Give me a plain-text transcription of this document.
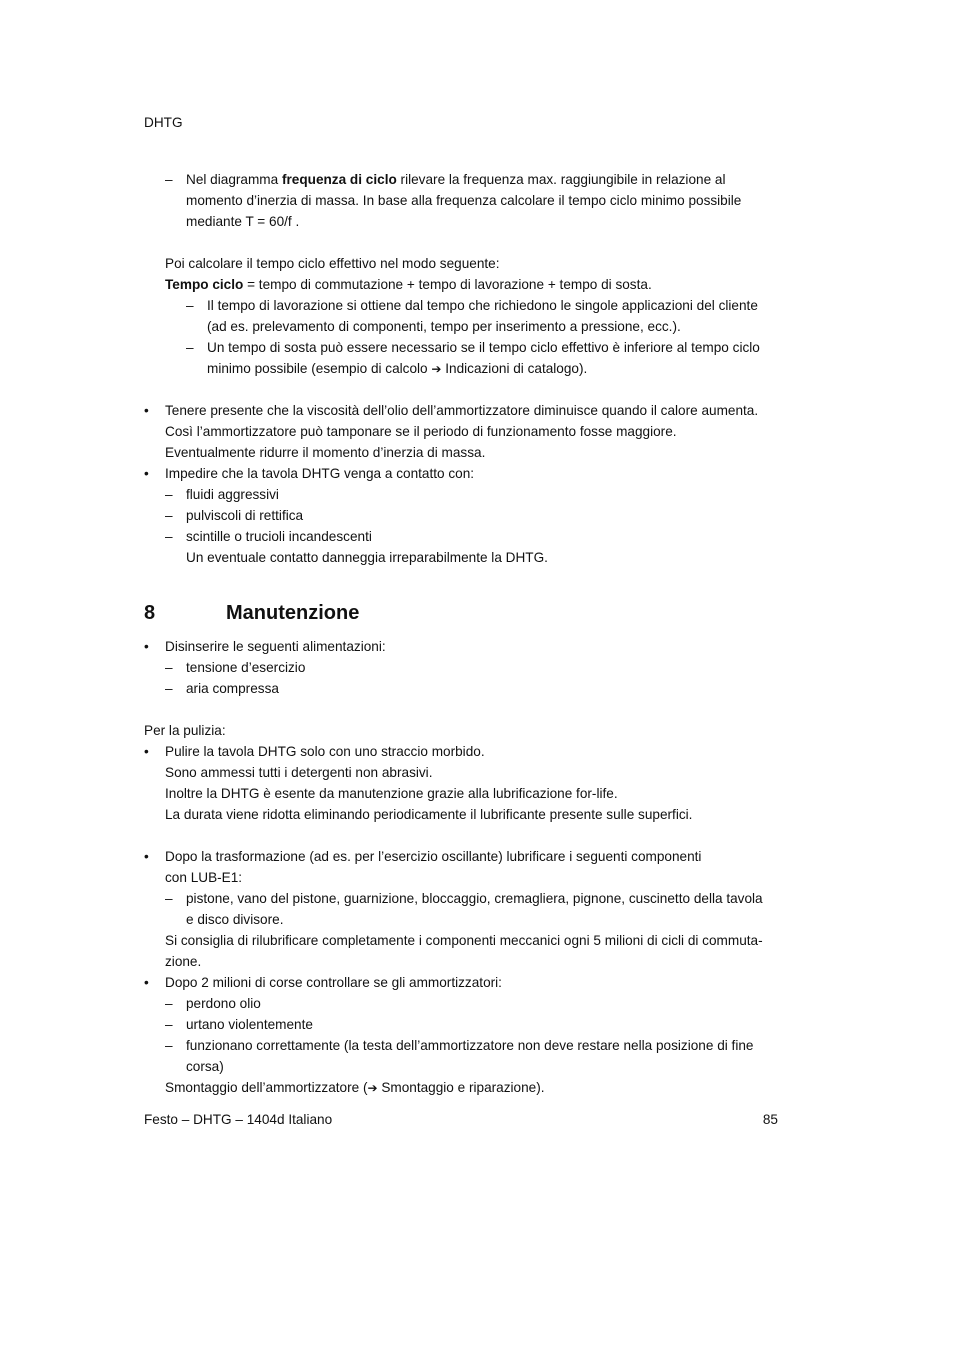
DHTG
– Nel diagramma frequenza di ciclo rilevare la frequenza max. raggiungibile in relazione al
momento d’inerzia di massa. In base alla frequenza calcolare il tempo ciclo minimo possibile
mediante T = 60/f .
Poi calcolare il tempo ciclo effettivo nel modo seguente:
Tempo ciclo = tempo di commutazione + tempo di lavorazione + tempo di sosta.
– Il tempo di lavorazione si ottiene dal tempo che richiedono le singole applicazioni del cliente
(ad es. prelevamento di componenti, tempo per inserimento a pressione, ecc.).
– Un tempo di sosta può essere necessario se il tempo ciclo effettivo è inferiore al tempo ciclo
minimo possibile (esempio di calcolo ➔ Indicazioni di catalogo).
• Tenere presente che la viscosità dell’olio dell’ammortizzatore diminuisce quando il calore aumenta.
Così l’ammortizzatore può tamponare se il periodo di funzionamento fosse maggiore.
Eventualmente ridurre il momento d’inerzia di massa.
• Impedire che la tavola DHTG venga a contatto con:
– fluidi aggressivi
– pulviscoli di rettifica
– scintille o trucioli incandescenti
Un eventuale contatto danneggia irreparabilmente la DHTG.
8	Manutenzione
• Disinserire le seguenti alimentazioni:
– tensione d’esercizio
– aria compressa
Per la pulizia:
• Pulire la tavola DHTG solo con uno straccio morbido.
Sono ammessi tutti i detergenti non abrasivi.
Inoltre la DHTG è esente da manutenzione grazie alla lubrificazione for-life.
La durata viene ridotta eliminando periodicamente il lubrificante presente sulle superfici.
• Dopo la trasformazione (ad es. per l’esercizio oscillante) lubrificare i seguenti componenti
con LUB-E1:
– pistone, vano del pistone, guarnizione, bloccaggio, cremagliera, pignone, cuscinetto della tavola
e disco divisore.
Si consiglia di rilubrificare completamente i componenti meccanici ogni 5 milioni di cicli di commuta-
zione.
• Dopo 2 milioni di corse controllare se gli ammortizzatori:
– perdono olio
– urtano violentemente
– funzionano correttamente (la testa dell’ammortizzatore non deve restare nella posizione di fine
corsa)
Smontaggio dell’ammortizzatore (➔ Smontaggio e riparazione).
Festo – DHTG – 1404d Italiano	85
